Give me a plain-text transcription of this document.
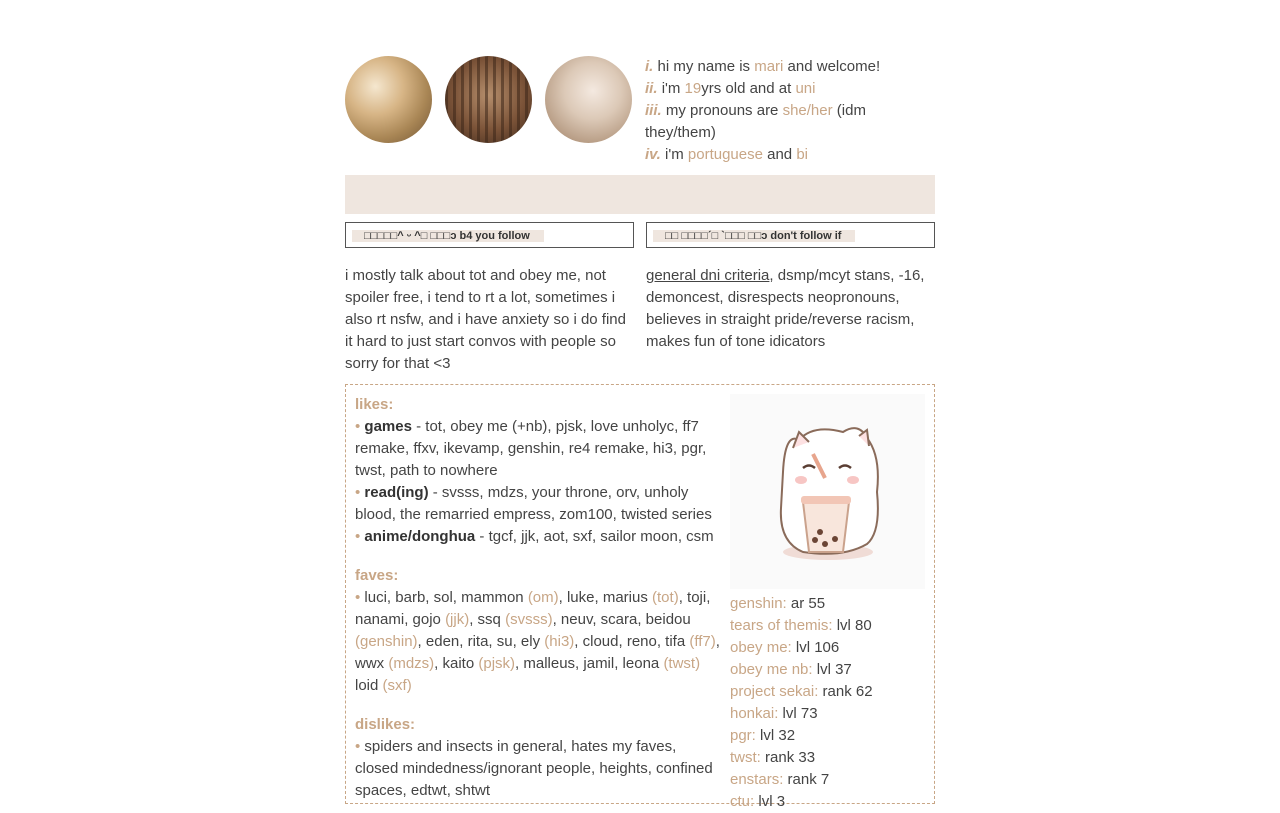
i. hi my name is mari and welcome!
ii. i'm 19yrs old and at uni
iii. my pronouns are she/her (idm they/them)
iv. i'm portuguese and bi
□□□□□^ ᵕ ^□ □□□ↄ b4 you follow	□□ □□□□´□ `□□□ □□ↄ don't follow if
i mostly talk about tot and obey me, not spoiler free, i tend to rt a lot, sometimes i also rt nsfw, and i have anxiety so i do find it hard to just start convos with people so sorry for that <3
general dni criteria, dsmp/mcyt stans, -16, demoncest, disrespects neopronouns, believes in straight pride/reverse racism, makes fun of tone idicators
likes:
• games - tot, obey me (+nb), pjsk, love unholyc, ff7 remake, ffxv, ikevamp, genshin, re4 remake, hi3, pgr, twst, path to nowhere
• read(ing) - svsss, mdzs, your throne, orv, unholy blood, the remarried empress, zom100, twisted series
• anime/donghua - tgcf, jjk, aot, sxf, sailor moon, csm
faves:
• luci, barb, sol, mammon (om), luke, marius (tot), toji, nanami, gojo (jjk), ssq (svsss), neuv, scara, beidou (genshin), eden, rita, su, ely (hi3), cloud, reno, tifa (ff7), wwx (mdzs), kaito (pjsk), malleus, jamil, leona (twst) loid (sxf)
dislikes:
• spiders and insects in general, hates my faves, closed mindedness/ignorant people, heights, confined spaces, edtwt, shtwt
genshin: ar 55
tears of themis: lvl 80
obey me: lvl 106
obey me nb: lvl 37
project sekai: rank 62
honkai: lvl 73
pgr: lvl 32
twst: rank 33
enstars: rank 7
ctu: lvl 3
